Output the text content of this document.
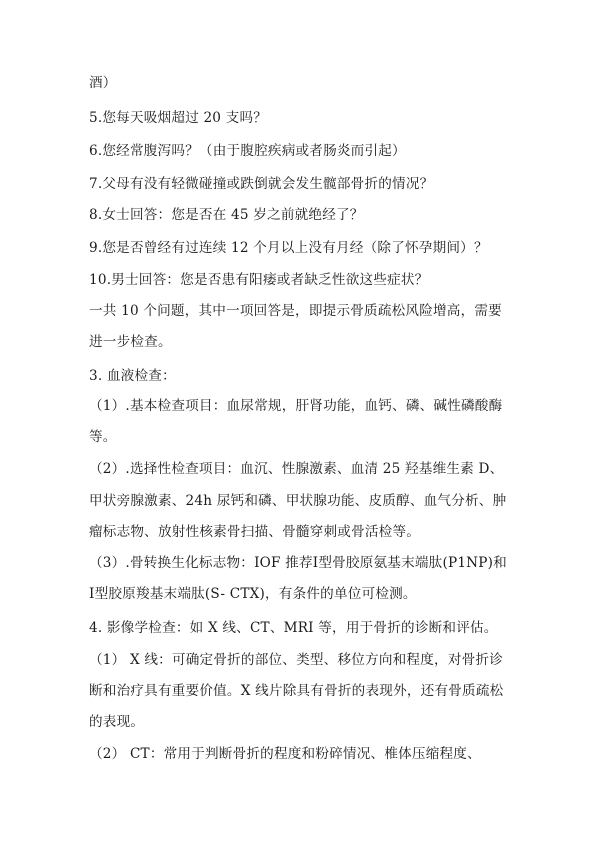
酒）
5.您每天吸烟超过 20 支吗？
6.您经常腹泻吗？（由于腹腔疾病或者肠炎而引起）
7.父母有没有轻微碰撞或跌倒就会发生髋部骨折的情况？
8.女士回答：您是否在 45 岁之前就绝经了？
9.您是否曾经有过连续 12 个月以上没有月经（除了怀孕期间）？
10.男士回答：您是否患有阳痿或者缺乏性欲这些症状？
一共 10 个问题，其中一项回答是，即提示骨质疏松风险增高，需要
进一步检查。
3. 血液检查：
（1）.基本检查项目：血尿常规，肝肾功能，血钙、磷、碱性磷酸酶
等。
（2）.选择性检查项目：血沉、性腺激素、血清 25 羟基维生素 D、
甲状旁腺激素、24h 尿钙和磷、甲状腺功能、皮质醇、血气分析、肿
瘤标志物、放射性核素骨扫描、骨髓穿刺或骨活检等。
（3）.骨转换生化标志物：IOF 推荐Ⅰ型骨胶原氨基末端肽(P1NP)和
Ⅰ型胶原羧基末端肽(S- CTX)，有条件的单位可检测。
4. 影像学检查：如 X 线、CT、MRI 等，用于骨折的诊断和评估。
（1） X 线：可确定骨折的部位、类型、移位方向和程度，对骨折诊
断和治疗具有重要价值。X 线片除具有骨折的表现外，还有骨质疏松
的表现。
（2） CT：常用于判断骨折的程度和粉碎情况、椎体压缩程度、
